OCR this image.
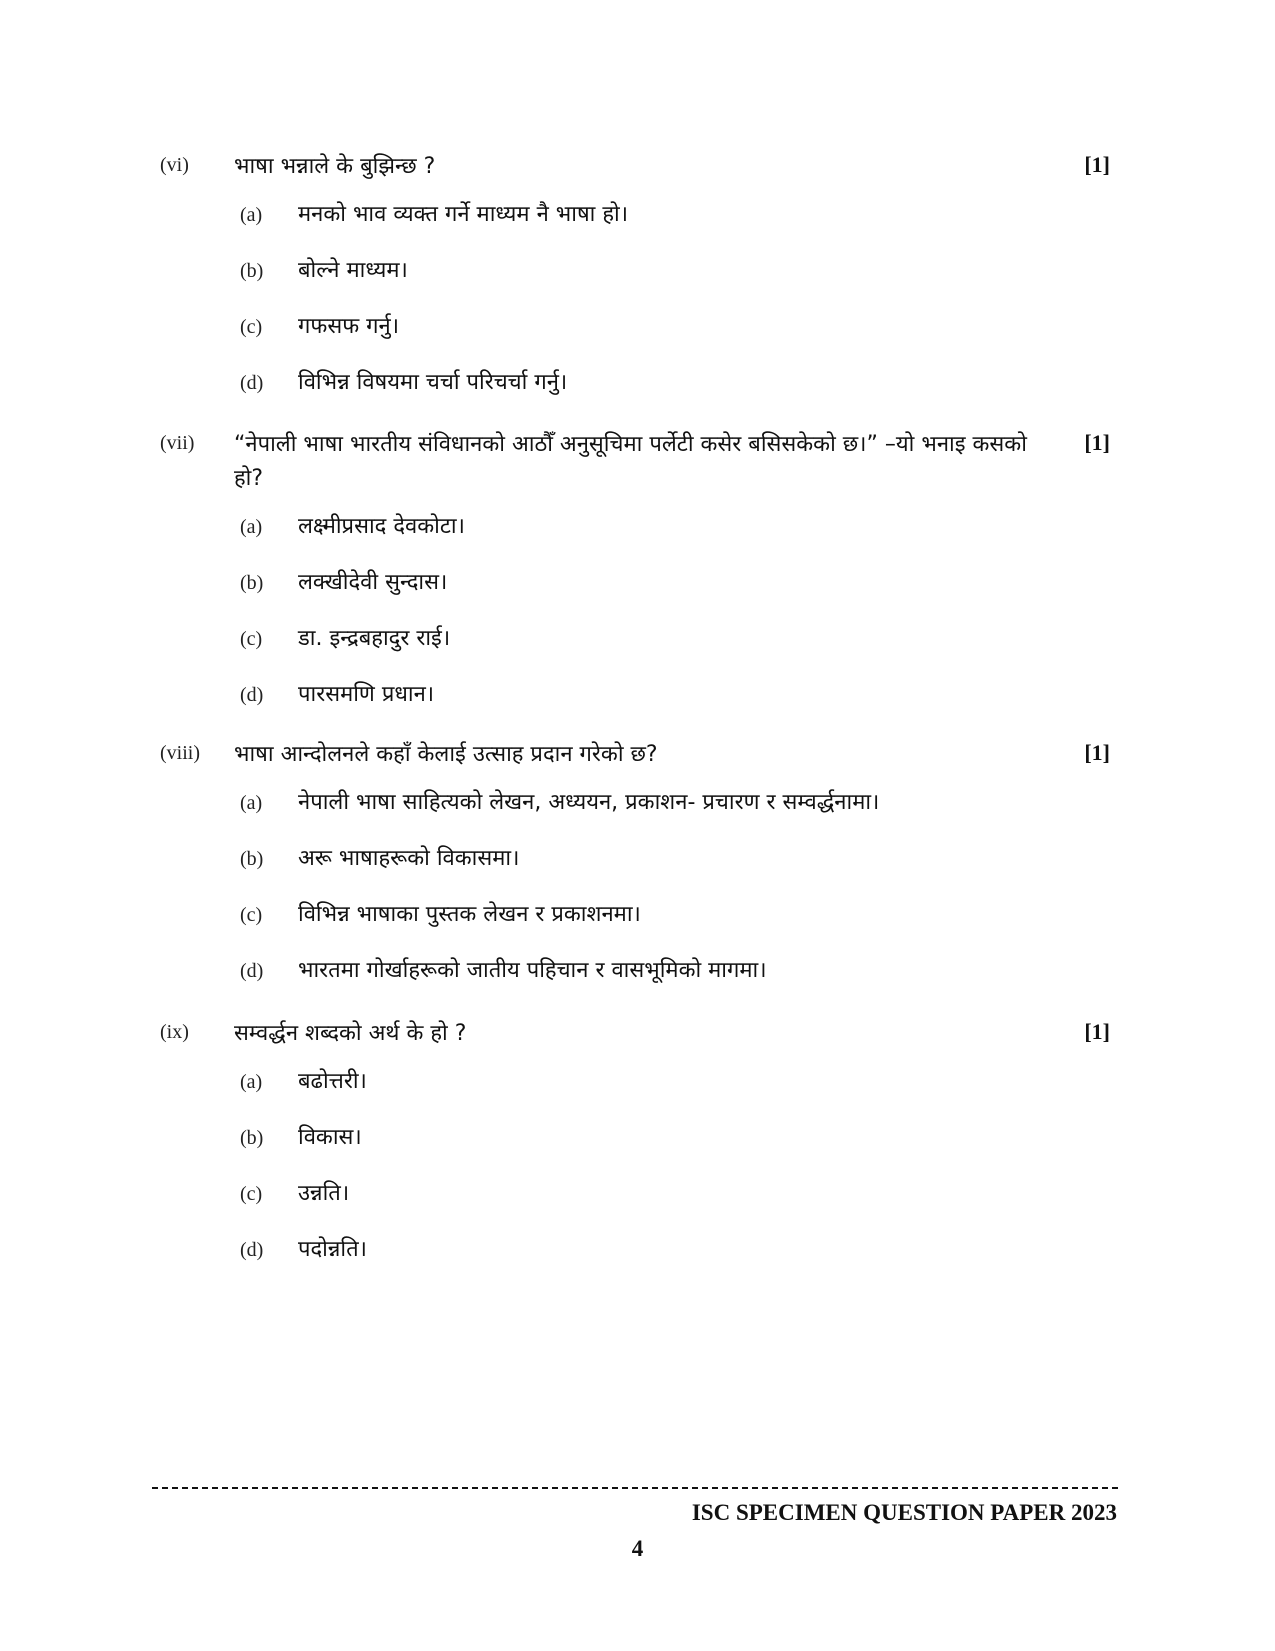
(vi) भाषा भन्नाले के बुझिन्छ ?	[1]
(a) मनको भाव व्यक्त गर्ने माध्यम नै भाषा हो।
(b) बोल्ने माध्यम।
(c) गफसफ गर्नु।
(d) विभिन्न विषयमा चर्चा परिचर्चा गर्नु।
(vii) “नेपाली भाषा भारतीय संविधानको आठौँ अनुसूचिमा पर्लेटी कसेर बसिसकेको छ।” –यो भनाइ कसको हो?
[1]
(a) लक्ष्मीप्रसाद देवकोटा।
(b) लक्खीदेवी सुन्दास।
(c) डा. इन्द्रबहादुर राई।
(d) पारसमणि प्रधान।
(viii) भाषा आन्दोलनले कहाँ केलाई उत्साह प्रदान गरेको छ?	[1]
(a) नेपाली भाषा साहित्यको लेखन, अध्ययन, प्रकाशन- प्रचारण र सम्वर्द्धनामा।
(b) अरू भाषाहरूको विकासमा।
(c) विभिन्न भाषाका पुस्तक लेखन र प्रकाशनमा।
(d) भारतमा गोर्खाहरूको जातीय पहिचान र वासभूमिको मागमा।
(ix) सम्वर्द्धन शब्दको अर्थ के हो ?	[1]
(a) बढोत्तरी।
(b) विकास।
(c) उन्नति।
(d) पदोन्नति।
ISC SPECIMEN QUESTION PAPER 2023
4
